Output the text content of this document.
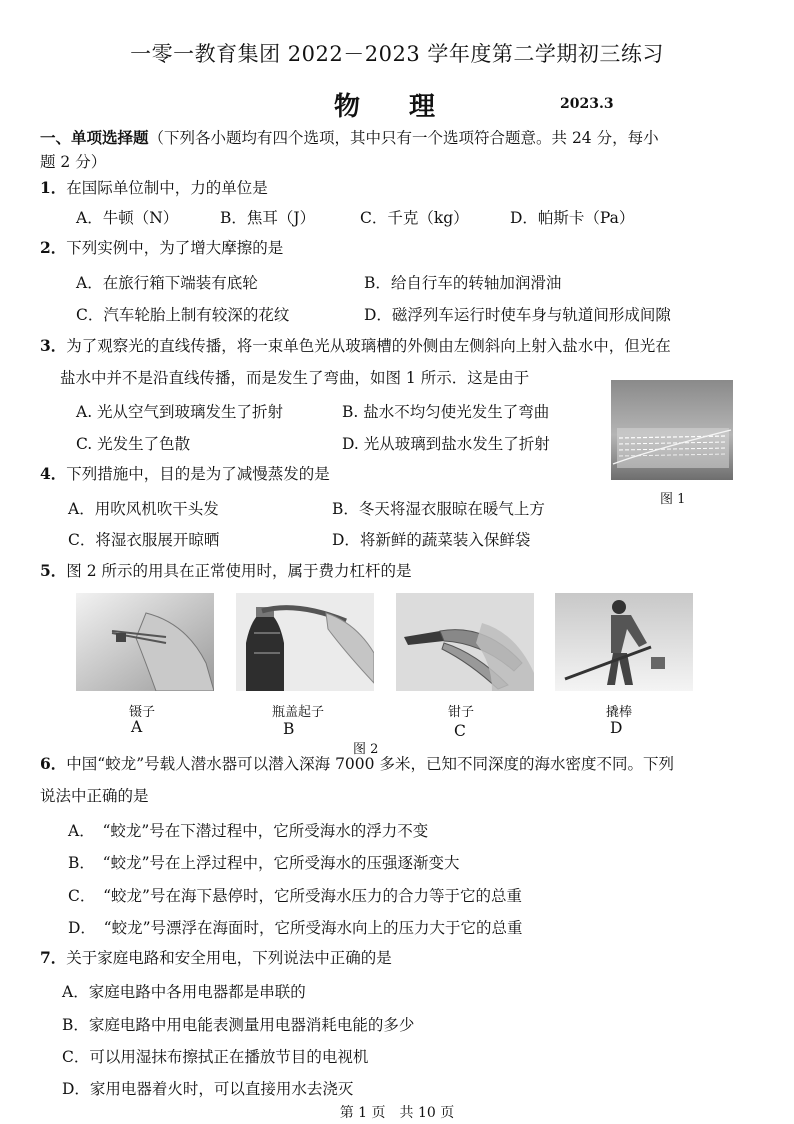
一零一教育集团 2022－2023 学年度第二学期初三练习
物 理	2023.3
一、单项选择题（下列各小题均有四个选项，其中只有一个选项符合题意。共 24 分，每小
题 2 分）
1．在国际单位制中，力的单位是
A．牛顿（N）	B．焦耳（J）	C．千克（kg）	D．帕斯卡（Pa）
2．下列实例中，为了增大摩擦的是
A．在旅行箱下端装有底轮	B．给自行车的转轴加润滑油
C．汽车轮胎上制有较深的花纹	D．磁浮列车运行时使车身与轨道间形成间隙
3．为了观察光的直线传播，将一束单色光从玻璃槽的外侧由左侧斜向上射入盐水中，但光在
盐水中并不是沿直线传播，而是发生了弯曲，如图 1 所示．这是由于
A. 光从空气到玻璃发生了折射	B. 盐水不均匀使光发生了弯曲
C. 光发生了色散	D. 光从玻璃到盐水发生了折射
图 1
4．下列措施中，目的是为了减慢蒸发的是
A．用吹风机吹干头发	B．冬天将湿衣服晾在暖气上方
C．将湿衣服展开晾晒	D．将新鲜的蔬菜装入保鲜袋
5．图 2 所示的用具在正常使用时，属于费力杠杆的是
镊子
A
瓶盖起子
B
钳子
C
撬棒
D
图 2
6．中国“蛟龙”号载人潜水器可以潜入深海 7000 多米，已知不同深度的海水密度不同。下列
说法中正确的是
A．　“蛟龙”号在下潜过程中，它所受海水的浮力不变
B．　“蛟龙”号在上浮过程中，它所受海水的压强逐渐变大
C．　“蛟龙”号在海下悬停时，它所受海水压力的合力等于它的总重
D．　“蛟龙”号漂浮在海面时，它所受海水向上的压力大于它的总重
7．关于家庭电路和安全用电，下列说法中正确的是
A．家庭电路中各用电器都是串联的
B．家庭电路中用电能表测量用电器消耗电能的多少
C．可以用湿抹布擦拭正在播放节目的电视机
D．家用电器着火时，可以直接用水去浇灭
第 1 页　共 10 页
